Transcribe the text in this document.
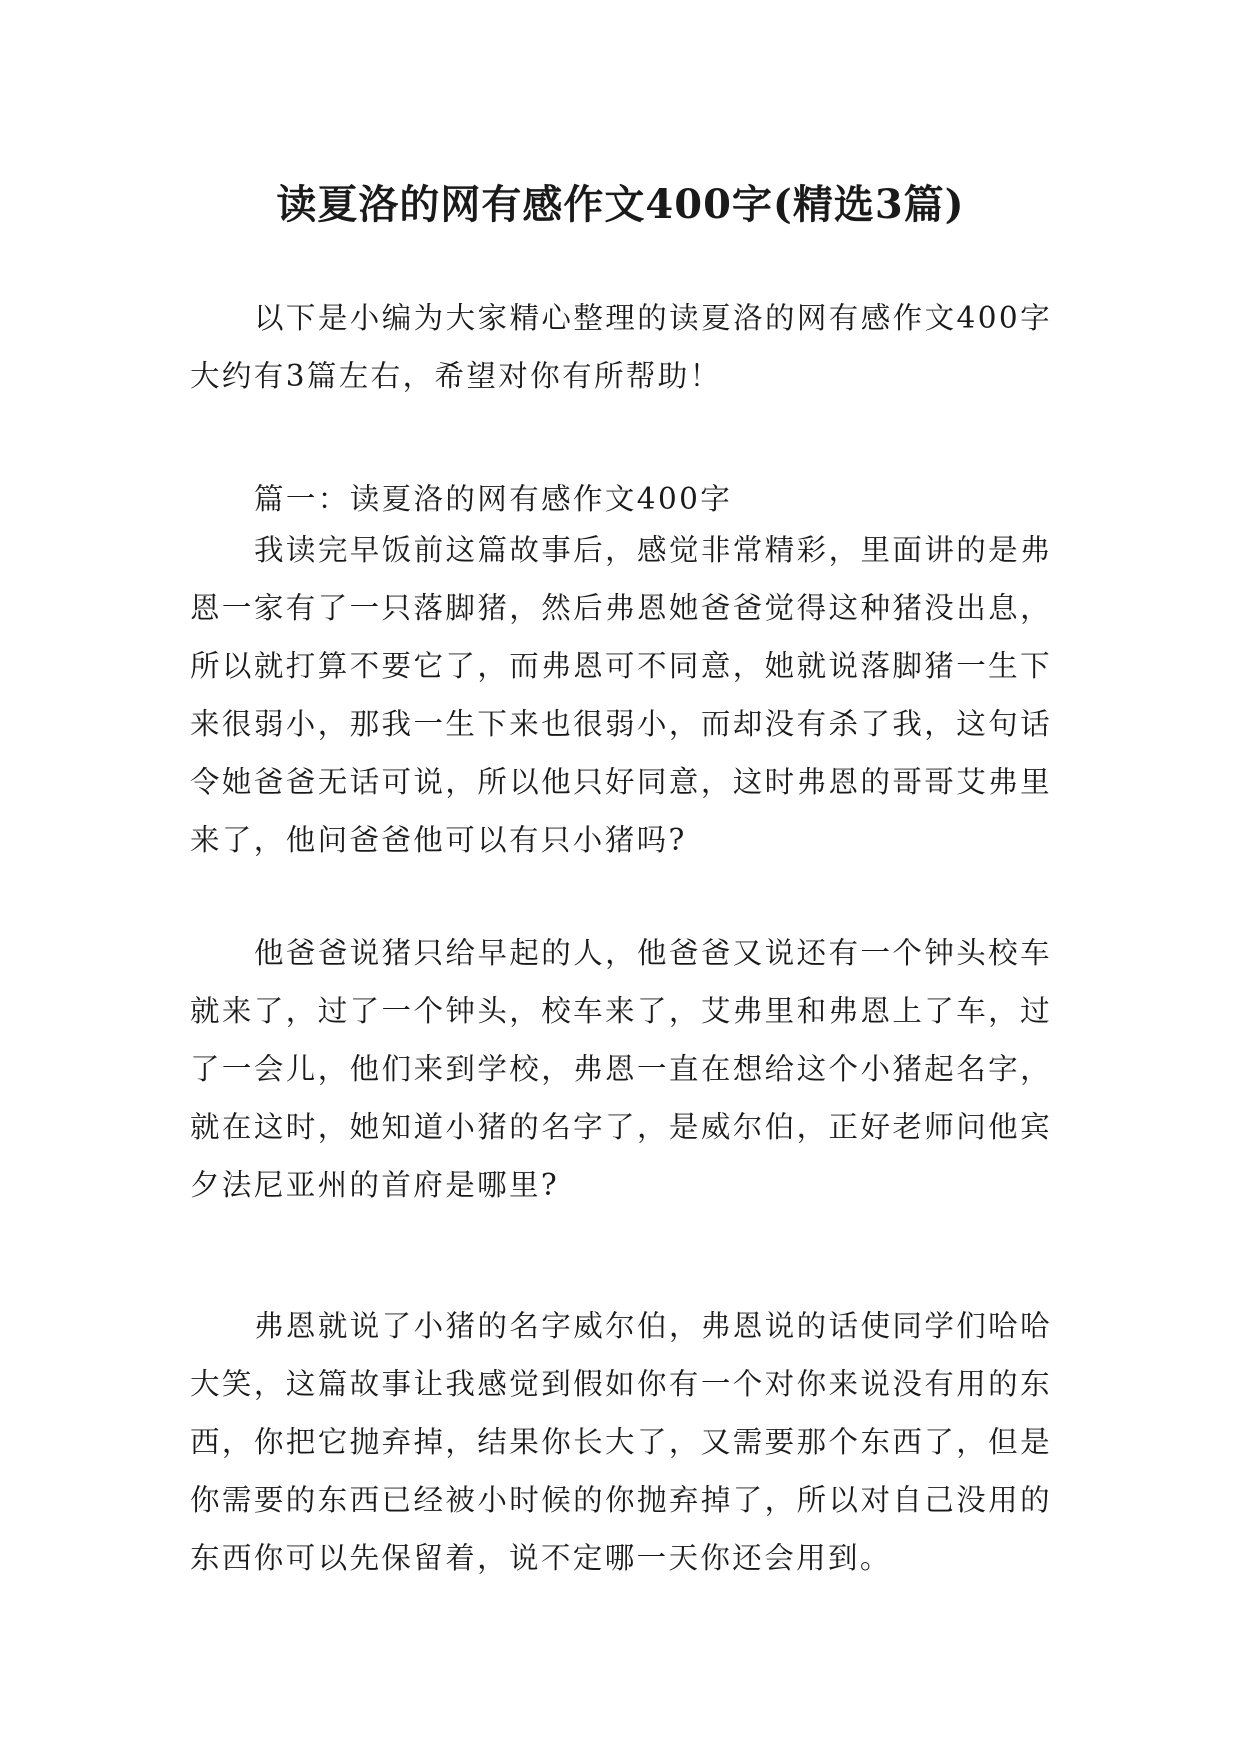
读夏洛的网有感作文400字(精选3篇)

以下是小编为大家精心整理的读夏洛的网有感作文400字大约有3篇左右，希望对你有所帮助！

篇一：读夏洛的网有感作文400字

我读完早饭前这篇故事后，感觉非常精彩，里面讲的是弗恩一家有了一只落脚猪，然后弗恩她爸爸觉得这种猪没出息，所以就打算不要它了，而弗恩可不同意，她就说落脚猪一生下来很弱小，那我一生下来也很弱小，而却没有杀了我，这句话令她爸爸无话可说，所以他只好同意，这时弗恩的哥哥艾弗里来了，他问爸爸他可以有只小猪吗?

他爸爸说猪只给早起的人，他爸爸又说还有一个钟头校车就来了，过了一个钟头，校车来了，艾弗里和弗恩上了车，过了一会儿，他们来到学校，弗恩一直在想给这个小猪起名字，就在这时，她知道小猪的名字了，是威尔伯，正好老师问他宾夕法尼亚州的首府是哪里?

弗恩就说了小猪的名字威尔伯，弗恩说的话使同学们哈哈大笑，这篇故事让我感觉到假如你有一个对你来说没有用的东西，你把它抛弃掉，结果你长大了，又需要那个东西了，但是你需要的东西已经被小时候的你抛弃掉了，所以对自己没用的东西你可以先保留着，说不定哪一天你还会用到。
